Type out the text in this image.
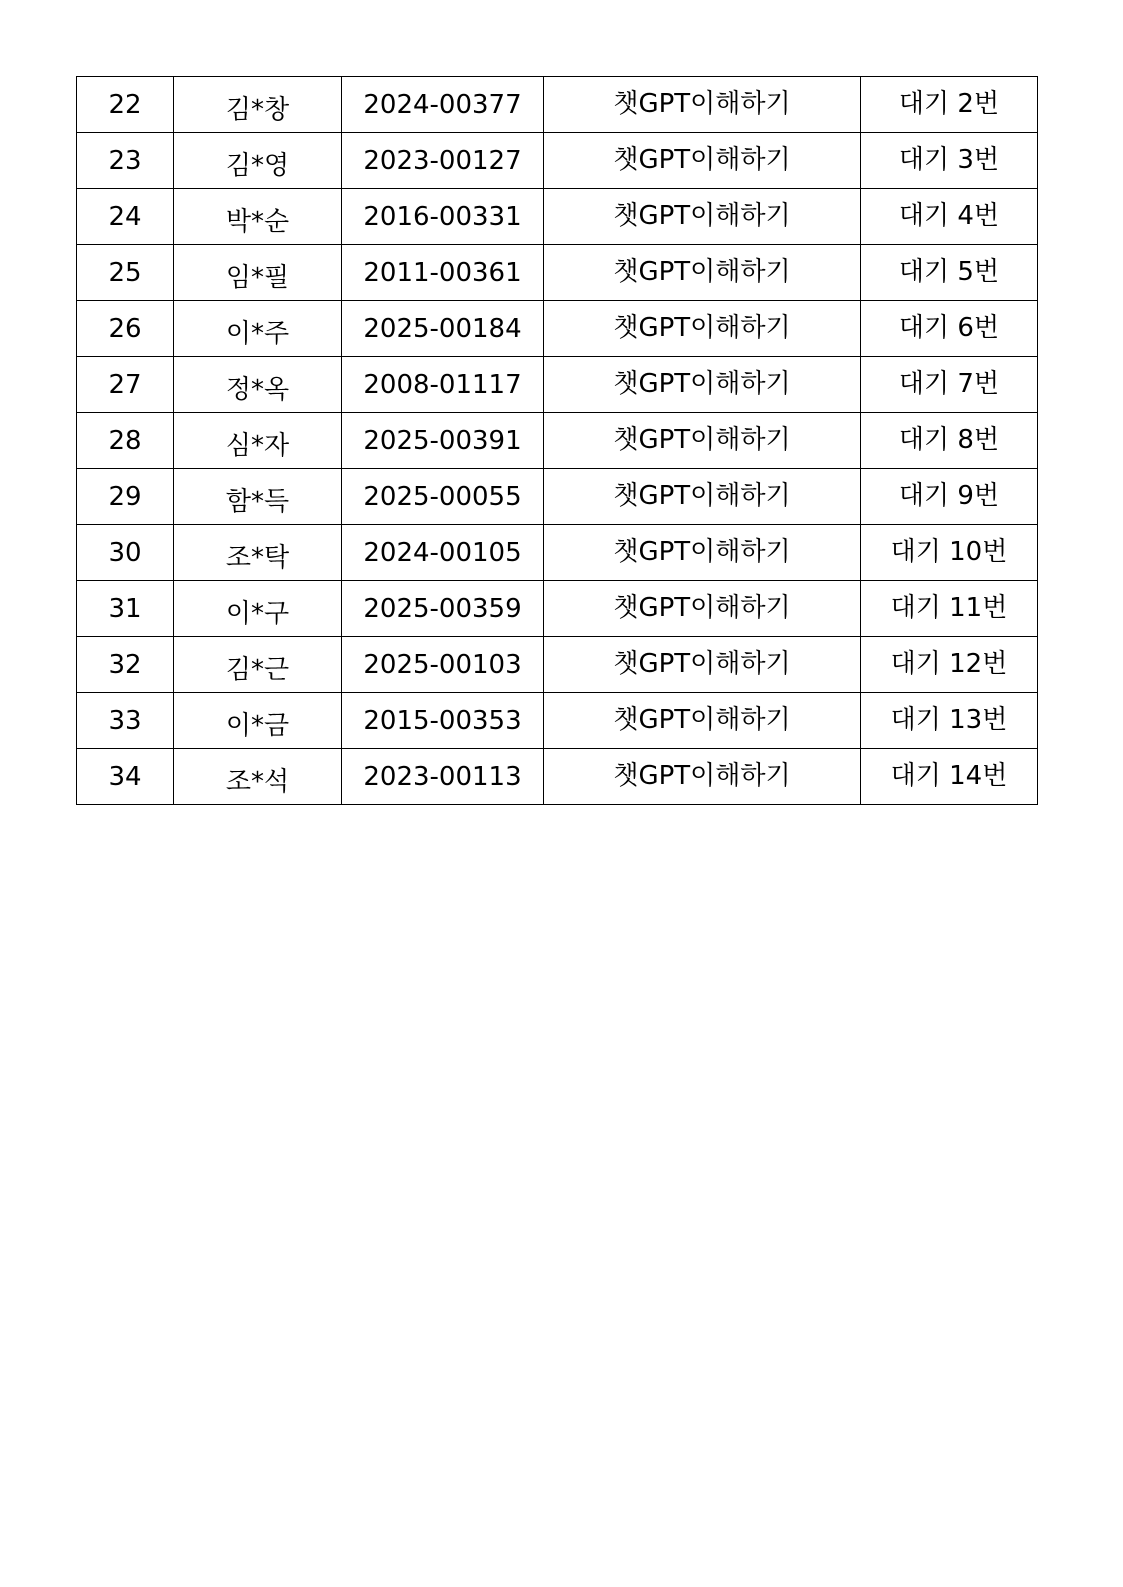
22	김*창	2024-00377	챗GPT이해하기	대기 2번
23	김*영	2023-00127	챗GPT이해하기	대기 3번
24	박*순	2016-00331	챗GPT이해하기	대기 4번
25	임*필	2011-00361	챗GPT이해하기	대기 5번
26	이*주	2025-00184	챗GPT이해하기	대기 6번
27	정*옥	2008-01117	챗GPT이해하기	대기 7번
28	심*자	2025-00391	챗GPT이해하기	대기 8번
29	함*득	2025-00055	챗GPT이해하기	대기 9번
30	조*탁	2024-00105	챗GPT이해하기	대기 10번
31	이*구	2025-00359	챗GPT이해하기	대기 11번
32	김*근	2025-00103	챗GPT이해하기	대기 12번
33	이*금	2015-00353	챗GPT이해하기	대기 13번
34	조*석	2023-00113	챗GPT이해하기	대기 14번
